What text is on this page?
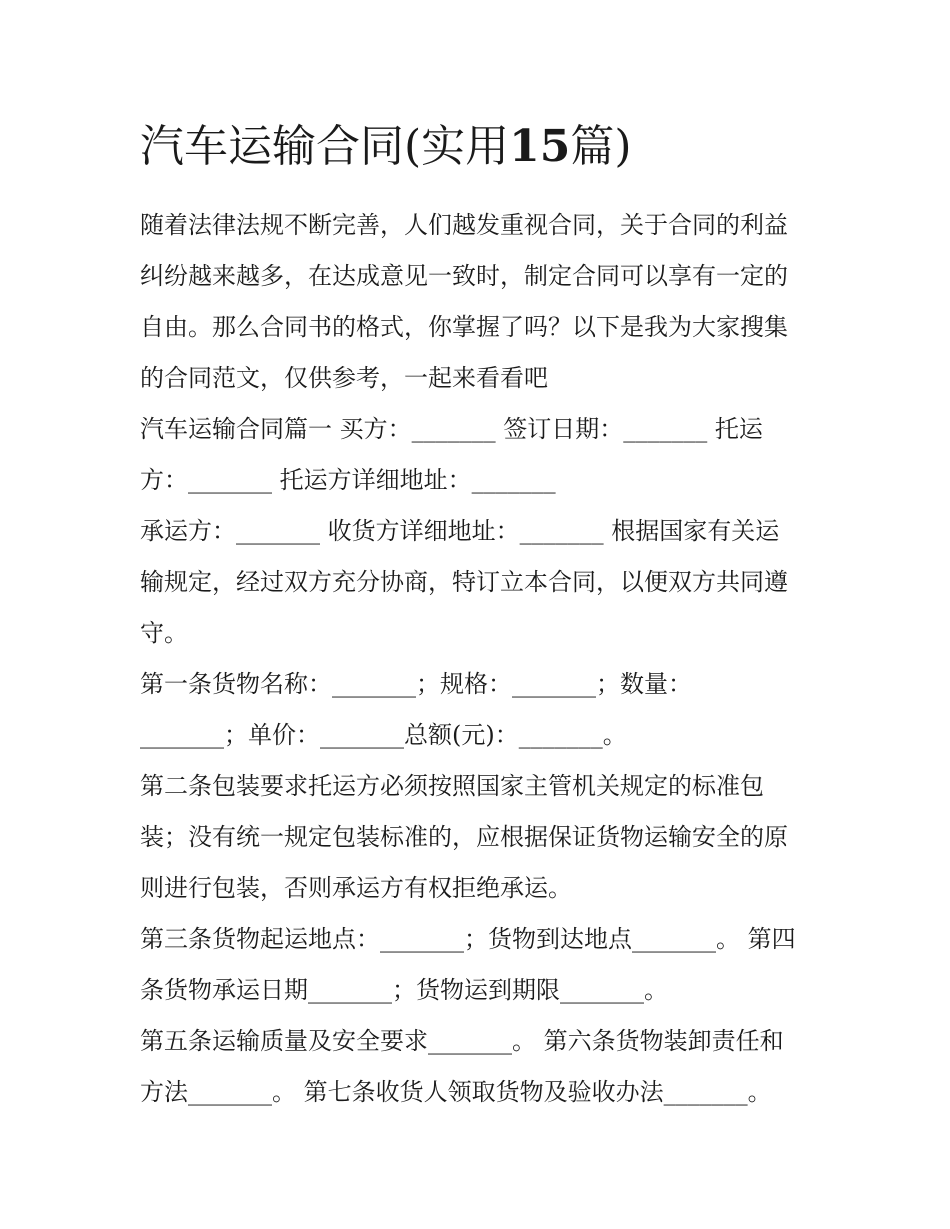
汽车运输合同(实用15篇)

随着法律法规不断完善，人们越发重视合同，关于合同的利益

纠纷越来越多，在达成意见一致时，制定合同可以享有一定的

自由。那么合同书的格式，你掌握了吗？以下是我为大家搜集

的合同范文，仅供参考，一起来看看吧

汽车运输合同篇一 买方：_______ 签订日期：_______ 托运

方：_______ 托运方详细地址：_______

承运方：_______ 收货方详细地址：_______ 根据国家有关运

输规定，经过双方充分协商，特订立本合同，以便双方共同遵

守。

第一条货物名称：_______；规格：_______；数量：

_______；单价：_______总额(元)：_______。

第二条包装要求托运方必须按照国家主管机关规定的标准包

装；没有统一规定包装标准的，应根据保证货物运输安全的原

则进行包装，否则承运方有权拒绝承运。

第三条货物起运地点：_______；货物到达地点_______。 第四

条货物承运日期_______；货物运到期限_______。

第五条运输质量及安全要求_______。 第六条货物装卸责任和

方法_______。 第七条收货人领取货物及验收办法_______。
